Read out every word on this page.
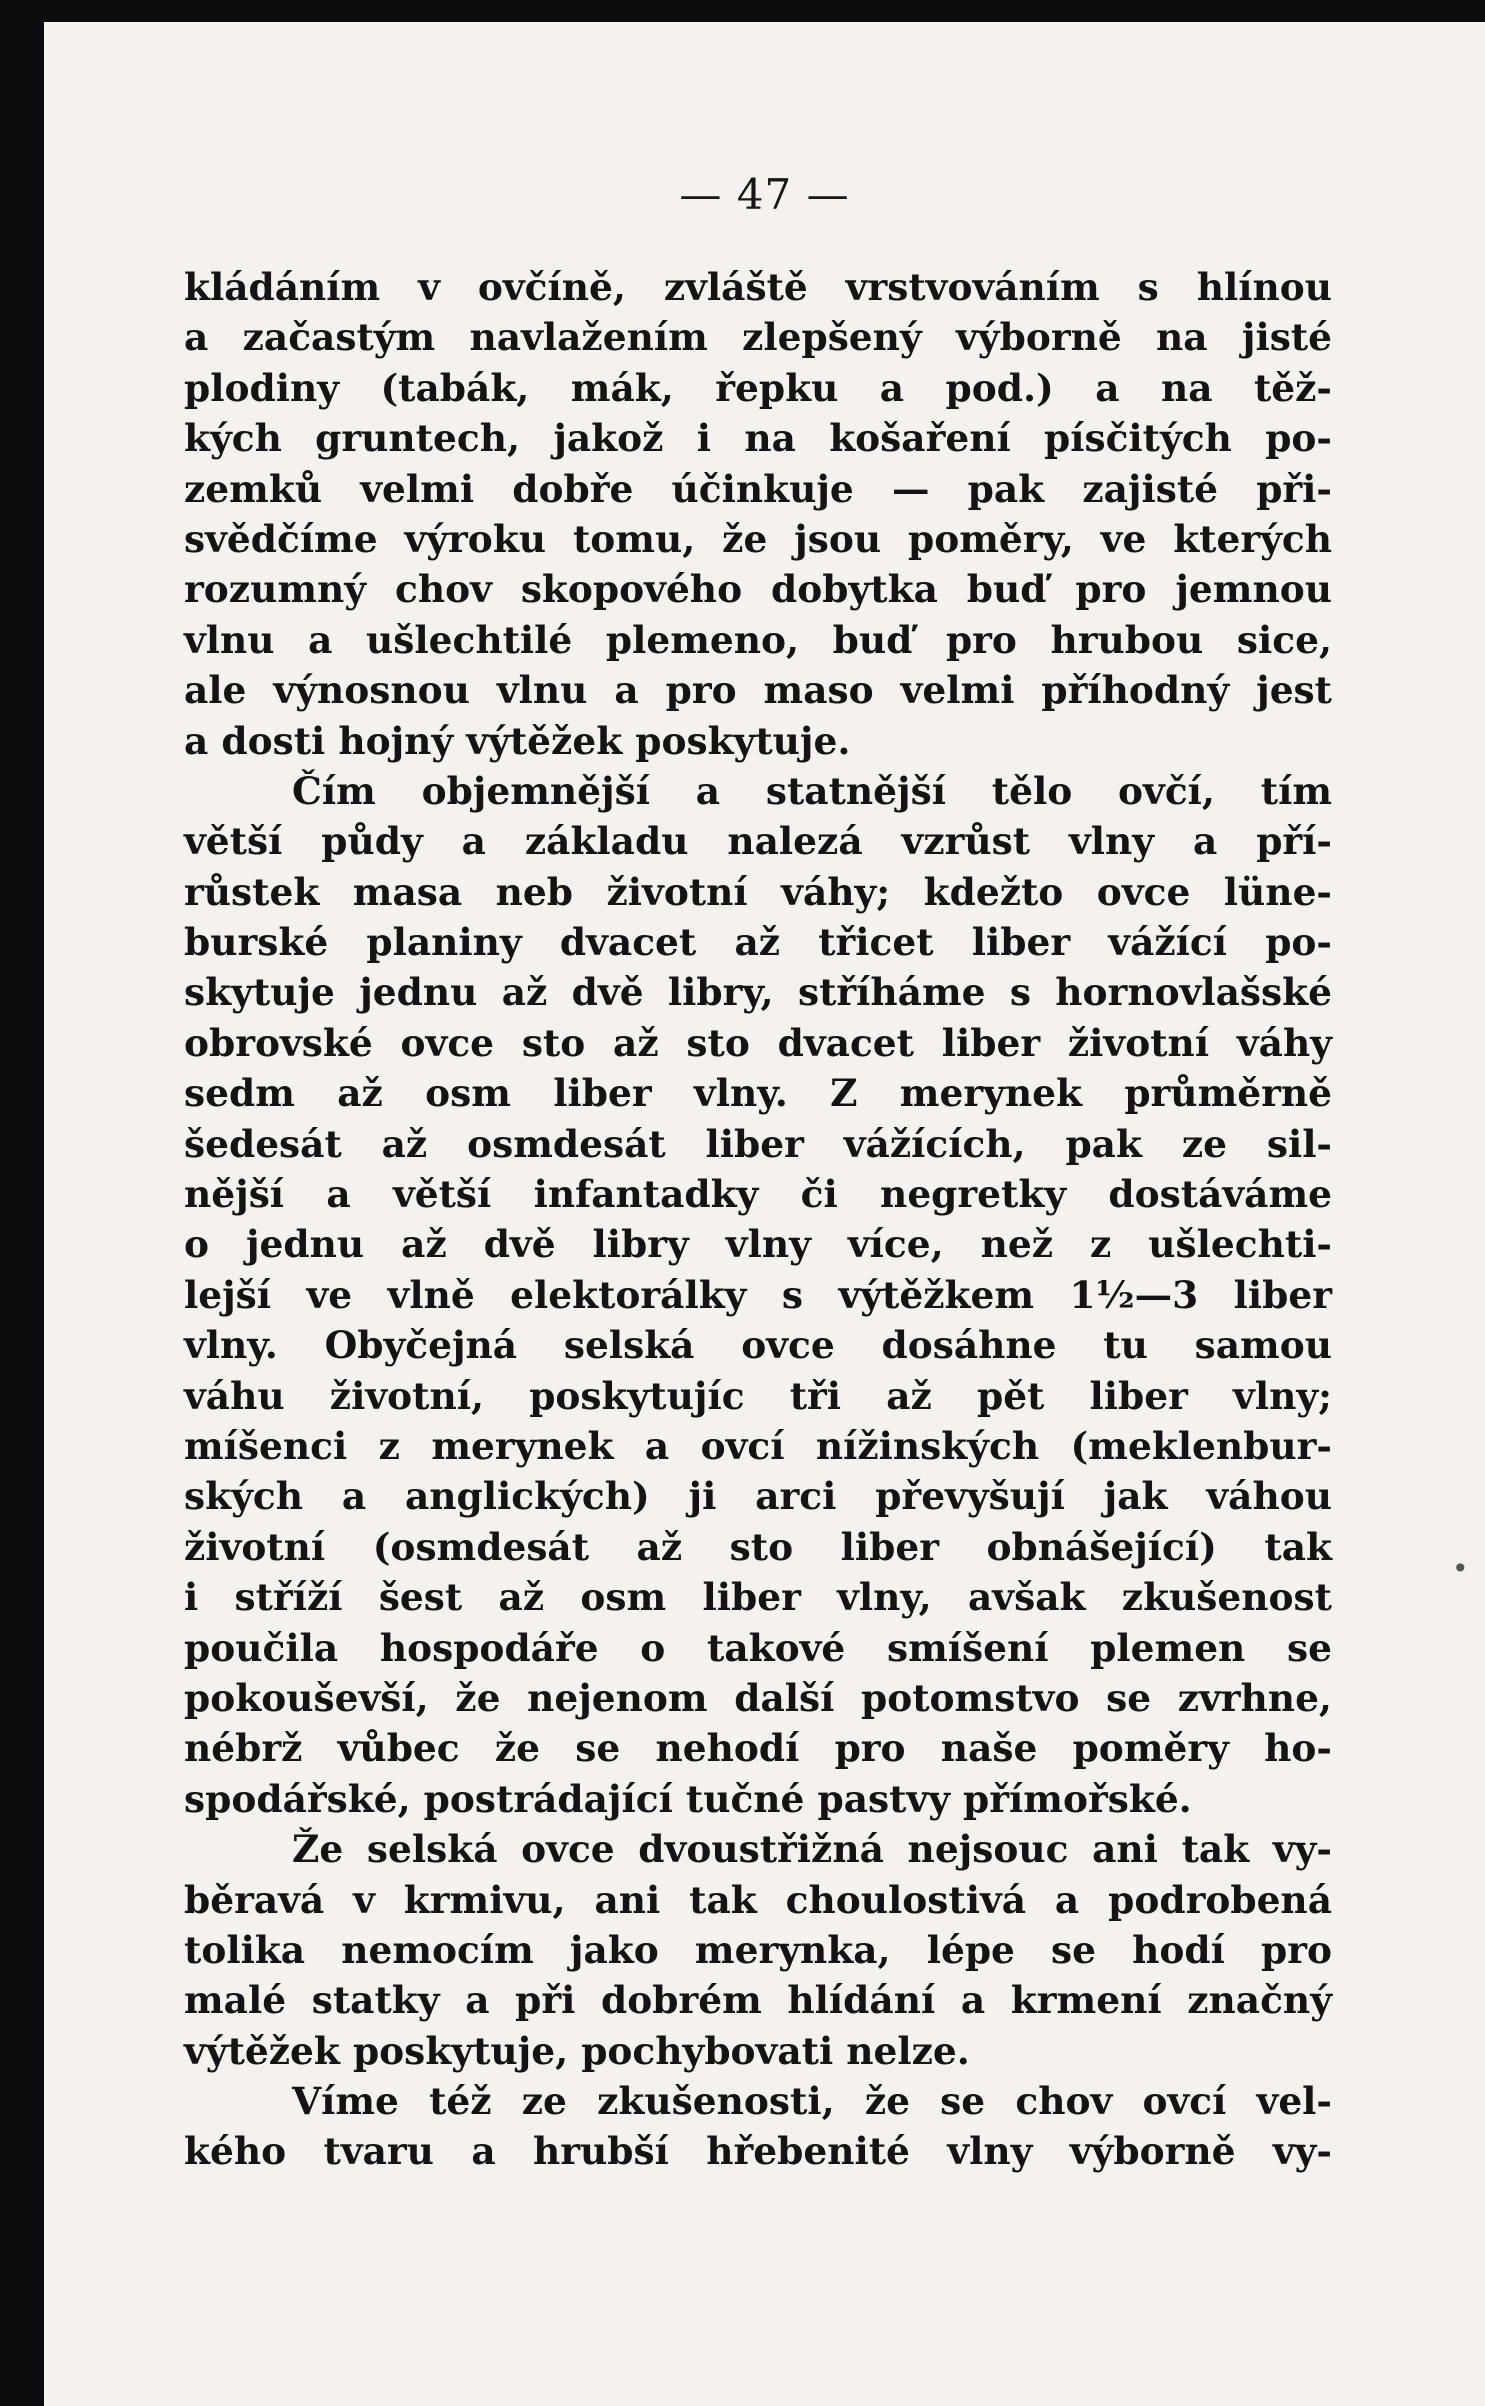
— 47 —
kládáním v ovčíně, zvláště vrstvováním s hlínou
a začastým navlažením zlepšený výborně na jisté
plodiny (tabák, mák, řepku a pod.) a na těž-
kých gruntech, jakož i na košaření písčitých po-
zemků velmi dobře účinkuje — pak zajisté při-
svědčíme výroku tomu, že jsou poměry, ve kterých
rozumný chov skopového dobytka buď pro jemnou
vlnu a ušlechtilé plemeno, buď pro hrubou sice,
ale výnosnou vlnu a pro maso velmi příhodný jest
a dosti hojný výtěžek poskytuje.
Čím objemnější a statnější tělo ovčí, tím
větší půdy a základu nalezá vzrůst vlny a pří-
růstek masa neb životní váhy; kdežto ovce lüne-
burské planiny dvacet až třicet liber vážící po-
skytuje jednu až dvě libry, stříháme s hornovlašské
obrovské ovce sto až sto dvacet liber životní váhy
sedm až osm liber vlny. Z merynek průměrně
šedesát až osmdesát liber vážících, pak ze sil-
nější a větší infantadky či negretky dostáváme
o jednu až dvě libry vlny více, než z ušlechti-
lejší ve vlně elektorálky s výtěžkem 1½—3 liber
vlny. Obyčejná selská ovce dosáhne tu samou
váhu životní, poskytujíc tři až pět liber vlny;
míšenci z merynek a ovcí nížinských (meklenbur-
ských a anglických) ji arci převyšují jak váhou
životní (osmdesát až sto liber obnášející) tak
i stříží šest až osm liber vlny, avšak zkušenost
poučila hospodáře o takové smíšení plemen se
pokouševší, že nejenom další potomstvo se zvrhne,
nébrž vůbec že se nehodí pro naše poměry ho-
spodářské, postrádající tučné pastvy přímořské.
Že selská ovce dvoustřižná nejsouc ani tak vy-
běravá v krmivu, ani tak choulostivá a podrobená
tolika nemocím jako merynka, lépe se hodí pro
malé statky a při dobrém hlídání a krmení značný
výtěžek poskytuje, pochybovati nelze.
Víme též ze zkušenosti, že se chov ovcí vel-
kého tvaru a hrubší hřebenité vlny výborně vy-
•
